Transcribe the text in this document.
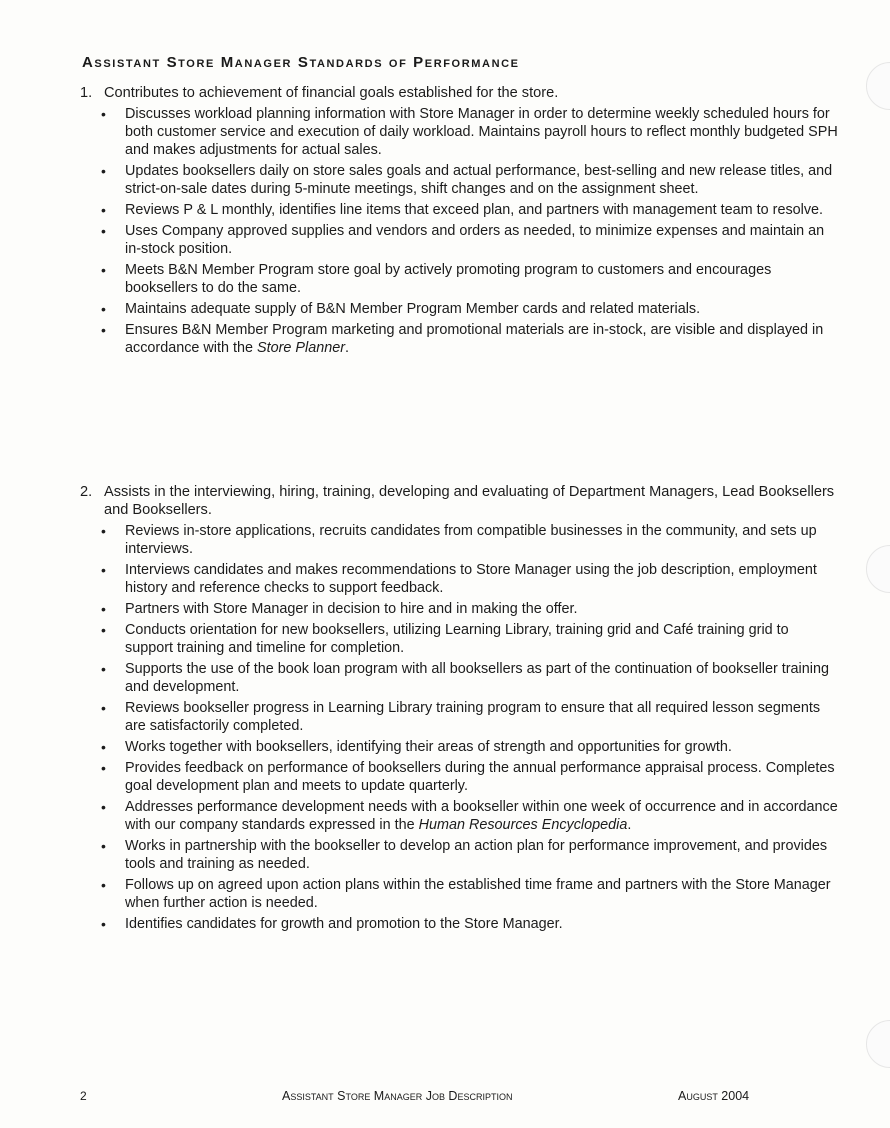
Assistant Store Manager Standards of Performance
1. Contributes to achievement of financial goals established for the store.
• Discusses workload planning information with Store Manager in order to determine weekly scheduled hours for both customer service and execution of daily workload. Maintains payroll hours to reflect monthly budgeted SPH and makes adjustments for actual sales.
• Updates booksellers daily on store sales goals and actual performance, best-selling and new release titles, and strict-on-sale dates during 5-minute meetings, shift changes and on the assignment sheet.
• Reviews P & L monthly, identifies line items that exceed plan, and partners with management team to resolve.
• Uses Company approved supplies and vendors and orders as needed, to minimize expenses and maintain an in-stock position.
• Meets B&N Member Program store goal by actively promoting program to customers and encourages booksellers to do the same.
• Maintains adequate supply of B&N Member Program Member cards and related materials.
• Ensures B&N Member Program marketing and promotional materials are in-stock, are visible and displayed in accordance with the Store Planner.
2. Assists in the interviewing, hiring, training, developing and evaluating of Department Managers, Lead Booksellers and Booksellers.
• Reviews in-store applications, recruits candidates from compatible businesses in the community, and sets up interviews.
• Interviews candidates and makes recommendations to Store Manager using the job description, employment history and reference checks to support feedback.
• Partners with Store Manager in decision to hire and in making the offer.
• Conducts orientation for new booksellers, utilizing Learning Library, training grid and Café training grid to support training and timeline for completion.
• Supports the use of the book loan program with all booksellers as part of the continuation of bookseller training and development.
• Reviews bookseller progress in Learning Library training program to ensure that all required lesson segments are satisfactorily completed.
• Works together with booksellers, identifying their areas of strength and opportunities for growth.
• Provides feedback on performance of booksellers during the annual performance appraisal process. Completes goal development plan and meets to update quarterly.
• Addresses performance development needs with a bookseller within one week of occurrence and in accordance with our company standards expressed in the Human Resources Encyclopedia.
• Works in partnership with the bookseller to develop an action plan for performance improvement, and provides tools and training as needed.
• Follows up on agreed upon action plans within the established time frame and partners with the Store Manager when further action is needed.
• Identifies candidates for growth and promotion to the Store Manager.
2	Assistant Store Manager Job Description	August 2004
